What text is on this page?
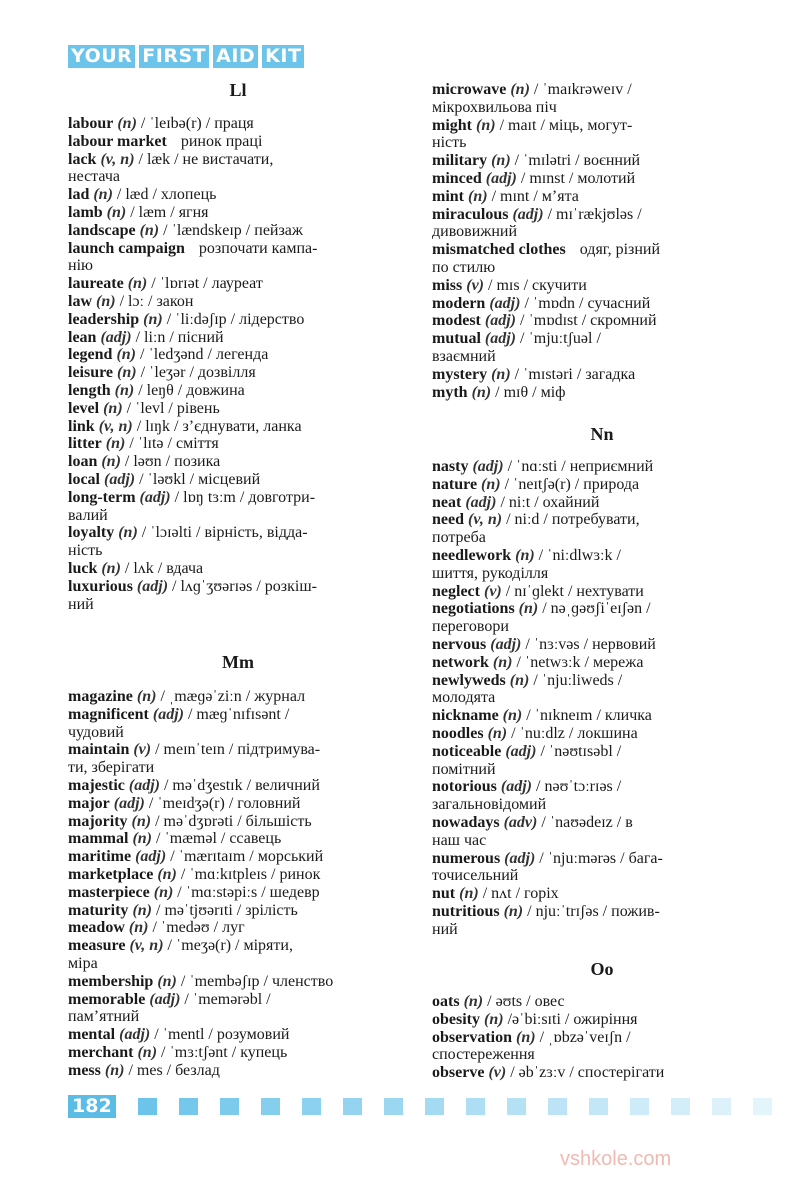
vshkole.com
YOUR FIRST AID KIT
Ll
labour (n) / ˈleɪbə(r) / праця
labour market ринок праці
lack (v, n) / læk / не вистачати,
нестача
lad (n) / læd / хлопець
lamb (n) / læm / ягня
landscape (n) / ˈlændskeɪp / пейзаж
launch campaign розпочати кампа-
нію
laureate (n) / ˈlɒrɪət / лауреат
law (n) / lɔː / закон
leadership (n) / ˈliːdəʃɪp / лідерство
lean (adj) / liːn / пісний
legend (n) / ˈledʒənd / легенда
leisure (n) / ˈleʒər / дозвілля
length (n) / leŋθ / довжина
level (n) / ˈlevl / рівень
link (v, n) / lɪŋk / з’єднувати, ланка
litter (n) / ˈlɪtə / сміття
loan (n) / ləʊn / позика
local (adj) / ˈləʊkl / місцевий
long-term (adj) / lɒŋ tɜːm / довготри-
валий
loyalty (n) / ˈlɔɪəlti / вірність, відда-
ність
luck (n) / lʌk / вдача
luxurious (adj) / lʌɡˈʒʊərɪəs / розкіш-
ний
Mm
magazine (n) / ˌmæɡəˈziːn / журнал
magnificent (adj) / mæɡˈnɪfɪsənt /
чудовий
maintain (v) / meɪnˈteɪn / підтримува-
ти, зберігати
majestic (adj) / məˈdʒestɪk / величний
major (adj) / ˈmeɪdʒə(r) / головний
majority (n) / məˈdʒɒrəti / більшість
mammal (n) / ˈmæməl / ссавець
maritime (adj) / ˈmærɪtaɪm / морський
marketplace (n) / ˈmɑːkɪtpleɪs / ринок
masterpiece (n) / ˈmɑːstəpiːs / шедевр
maturity (n) / məˈtjʊərɪti / зрілість
meadow (n) / ˈmedəʊ / луг
measure (v, n) / ˈmeʒə(r) / міряти,
міра
membership (n) / ˈmembəʃɪp / членство
memorable (adj) / ˈmemərəbl /
пам’ятний
mental (adj) / ˈmentl / розумовий
merchant (n) / ˈmɜːtʃənt / купець
mess (n) / mes / безлад
microwave (n) / ˈmaɪkrəweɪv /
мікрохвильова піч
might (n) / maɪt / міць, могут-
ність
military (n) / ˈmɪlətri / воєнний
minced (adj) / mɪnst / молотий
mint (n) / mɪnt / м’ята
miraculous (adj) / mɪˈrækjʊləs /
дивовижний
mismatched clothes одяг, різний
по стилю
miss (v) / mɪs / скучити
modern (adj) / ˈmɒdn / сучасний
modest (adj) / ˈmɒdɪst / скромний
mutual (adj) / ˈmjuːtʃuəl /
взаємний
mystery (n) / ˈmɪstəri / загадка
myth (n) / mɪθ / міф
Nn
nasty (adj) / ˈnɑːsti / неприємний
nature (n) / ˈneɪtʃə(r) / природа
neat (adj) / niːt / охайний
need (v, n) / niːd / потребувати,
потреба
needlework (n) / ˈniːdlwɜːk /
шиття, рукоділля
neglect (v) / nɪˈɡlekt / нехтувати
negotiations (n) / nəˌɡəʊʃiˈeɪʃən /
переговори
nervous (adj) / ˈnɜːvəs / нервовий
network (n) / ˈnetwɜːk / мережа
newlyweds (n) / ˈnjuːliweds /
молодята
nickname (n) / ˈnɪkneɪm / кличка
noodles (n) / ˈnuːdlz / локшина
noticeable (adj) / ˈnəʊtɪsəbl /
помітний
notorious (adj) / nəʊˈtɔːrɪəs /
загальновідомий
nowadays (adv) / ˈnaʊədeɪz / в
наш час
numerous (adj) / ˈnjuːmərəs / бага-
точисельний
nut (n) / nʌt / горіх
nutritious (n) / njuːˈtrɪʃəs / пожив-
ний
Oo
oats (n) / əʊts / овес
obesity (n) /əˈbiːsɪti / ожиріння
observation (n) / ˌɒbzəˈveɪʃn /
спостереження
observe (v) / əbˈzɜːv / спостерігати
182
